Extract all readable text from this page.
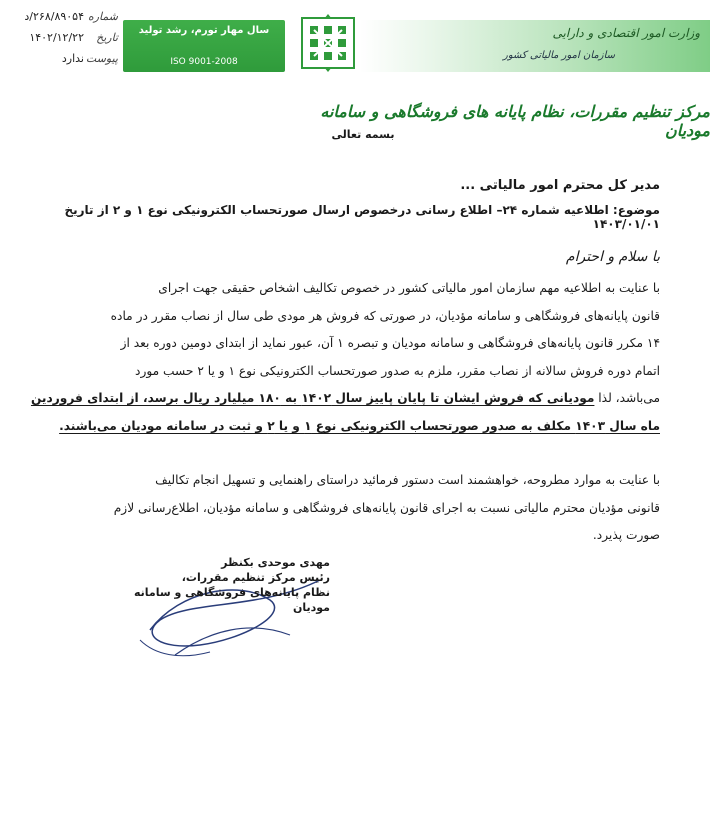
شماره
۲۶۸/۸۹۰۵۴/د
تاریخ
۱۴۰۲/۱۲/۲۲
پیوست
ندارد
سال مهار تورم، رشد تولید
ISO 9001-2008
وزارت امور اقتصادی و دارایی
سازمان امور مالیاتی کشور
مرکز تنظیم مقررات، نظام پایانه های فروشگاهی و سامانه مودیان
بسمه تعالی
مدیر کل محترم امور مالیاتی ...
موضوع: اطلاعیه شماره ۲۴– اطلاع رسانی درخصوص ارسال صورتحساب الکترونیکی نوع ۱ و ۲ از تاریخ ۱۴۰۳/۰۱/۰۱
با سلام و احترام
با عنایت به اطلاعیه مهم سازمان امور مالیاتی کشور در خصوص تکالیف اشخاص حقیقی جهت اجرای
قانون پایانه‌های فروشگاهی و سامانه مؤدیان، در صورتی که فروش هر مودی طی سال از نصاب مقرر در ماده
۱۴ مکرر قانون پایانه‌های فروشگاهی و سامانه مودیان و تبصره ۱ آن، عبور نماید از ابتدای دومین دوره بعد از
اتمام دوره فروش سالانه از نصاب مقرر، ملزم به صدور صورتحساب الکترونیکی نوع ۱ و یا ۲ حسب مورد
می‌باشد، لذا مودیانی که فروش ایشان تا پایان پاییز سال ۱۴۰۲ به ۱۸۰ میلیارد ریال برسد، از ابتدای فروردین
ماه سال ۱۴۰۳ مکلف به صدور صورتحساب الکترونیکی نوع ۱ و یا ۲ و ثبت در سامانه مودیان می‌باشند.
با عنایت به موارد مطروحه، خواهشمند است دستور فرمائید دراستای راهنمایی و تسهیل انجام تکالیف
قانونی مؤدیان محترم مالیاتی نسبت به اجرای قانون پایانه‌های فروشگاهی و سامانه مؤدیان، اطلاع‌رسانی لازم
صورت پذیرد.
مهدی موحدی بکنظر
رئیس مرکز تنظیم مقررات،
نظام پایانه‌های فروشگاهی و سامانه مودیان
